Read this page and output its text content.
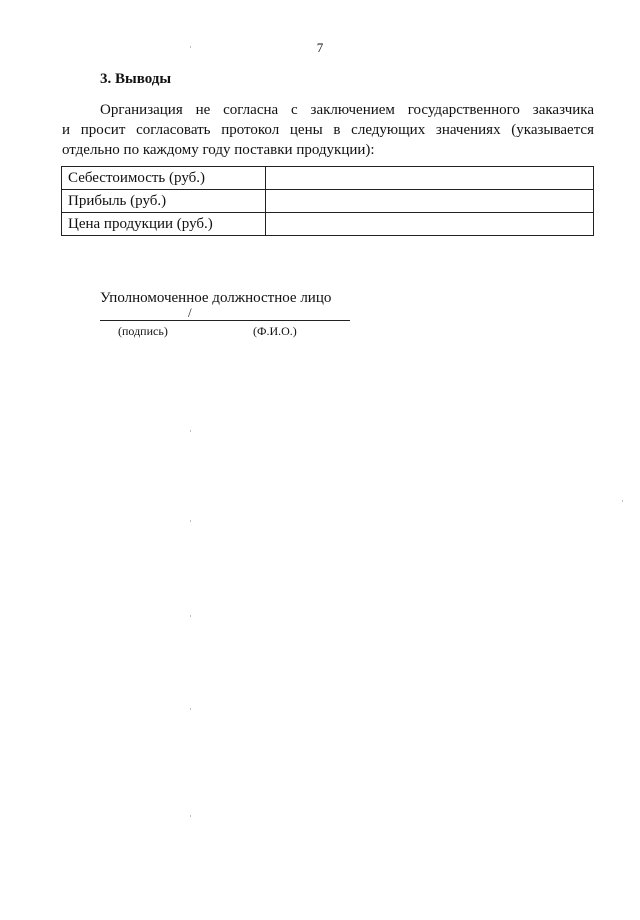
7
3. Выводы
Организация не согласна с заключением государственного заказчика
и просит согласовать протокол цены в следующих значениях (указывается
отдельно по каждому году поставки продукции):
Себестоимость (руб.)	
Прибыль (руб.)	
Цена продукции (руб.)	
Уполномоченное должностное лицо
/
(подпись)	(Ф.И.О.)
